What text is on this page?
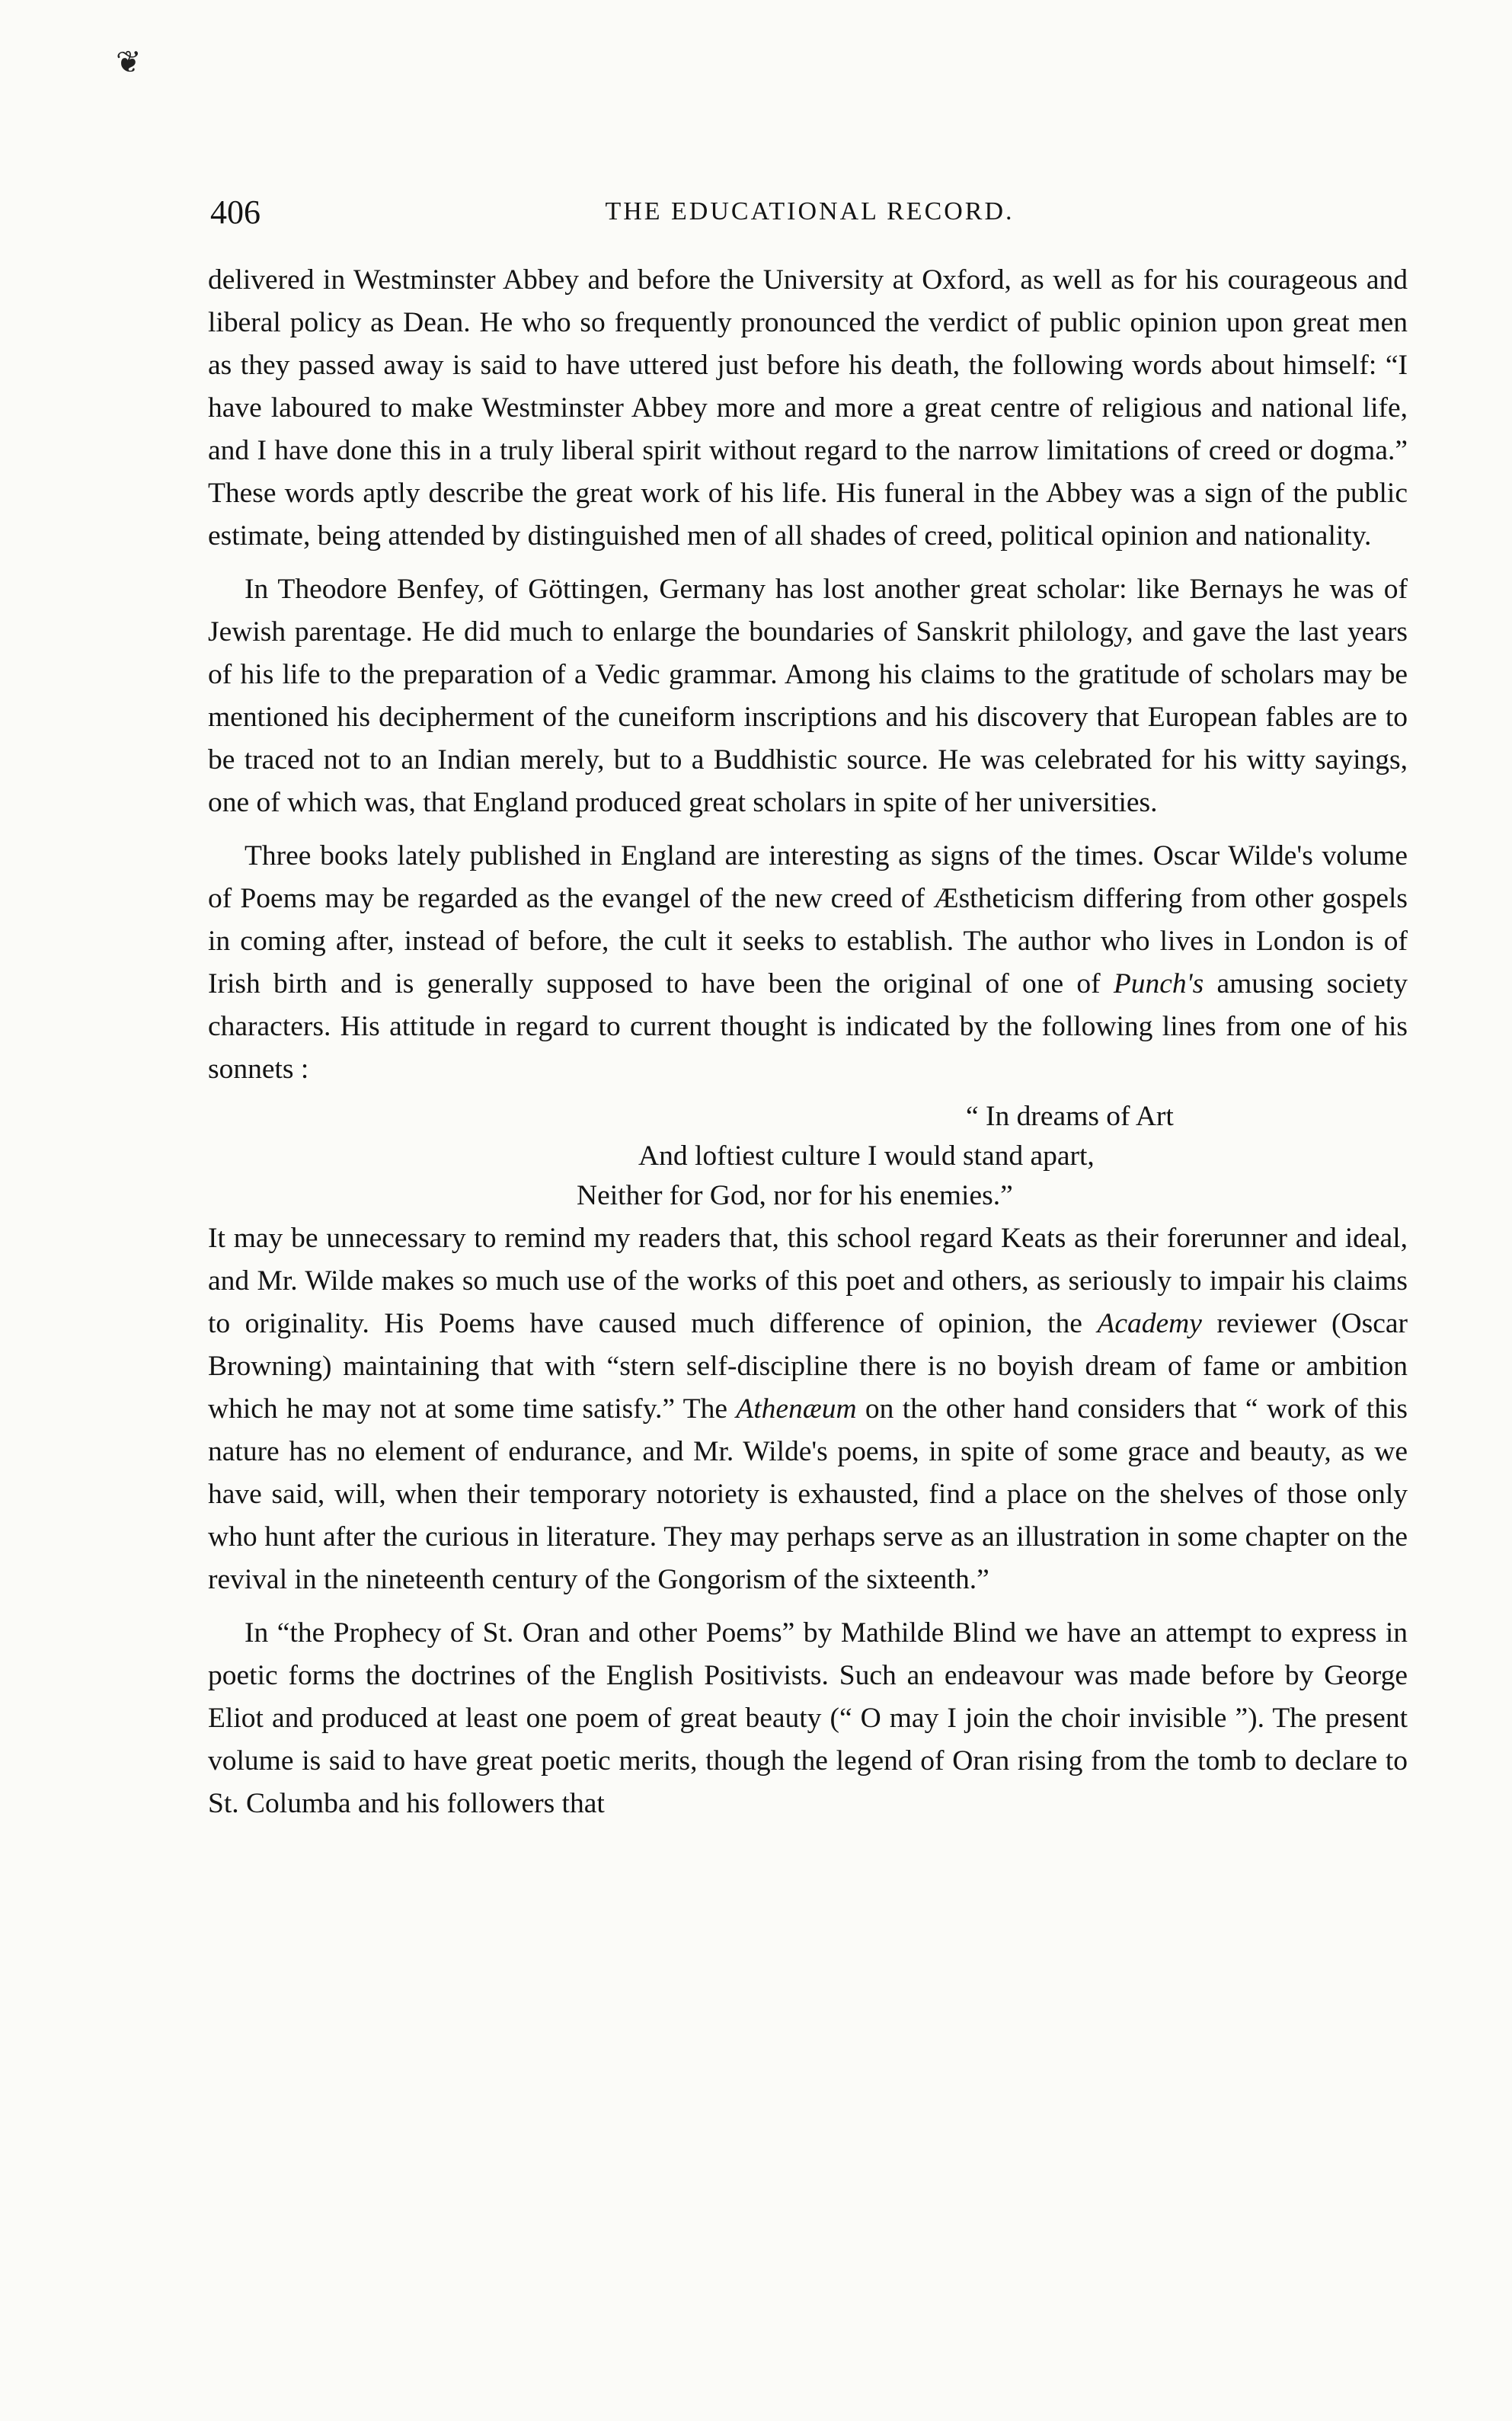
❦
406	THE EDUCATIONAL RECORD.

delivered in Westminster Abbey and before the University at Oxford, as well as for his courageous and liberal policy as Dean. He who so frequently pronounced the verdict of public opinion upon great men as they passed away is said to have uttered just before his death, the following words about himself: “I have laboured to make Westminster Abbey more and more a great centre of religious and national life, and I have done this in a truly liberal spirit without regard to the narrow limitations of creed or dogma.” These words aptly describe the great work of his life. His funeral in the Abbey was a sign of the public estimate, being attended by distinguished men of all shades of creed, political opinion and nationality.

In Theodore Benfey, of Göttingen, Germany has lost another great scholar: like Bernays he was of Jewish parentage. He did much to enlarge the boundaries of Sanskrit philology, and gave the last years of his life to the preparation of a Vedic grammar. Among his claims to the gratitude of scholars may be mentioned his decipherment of the cuneiform inscriptions and his discovery that European fables are to be traced not to an Indian merely, but to a Buddhistic source. He was celebrated for his witty sayings, one of which was, that England produced great scholars in spite of her universities.

Three books lately published in England are interesting as signs of the times. Oscar Wilde's volume of Poems may be regarded as the evangel of the new creed of Æstheticism differing from other gospels in coming after, instead of before, the cult it seeks to establish. The author who lives in London is of Irish birth and is generally supposed to have been the original of one of Punch's amusing society characters. His attitude in regard to current thought is indicated by the following lines from one of his sonnets :

“ In dreams of Art
And loftiest culture I would stand apart,
Neither for God, nor for his enemies.”

It may be unnecessary to remind my readers that, this school regard Keats as their forerunner and ideal, and Mr. Wilde makes so much use of the works of this poet and others, as seriously to impair his claims to originality. His Poems have caused much difference of opinion, the Academy reviewer (Oscar Browning) maintaining that with “stern self-discipline there is no boyish dream of fame or ambition which he may not at some time satisfy.” The Athenæum on the other hand considers that “ work of this nature has no element of endurance, and Mr. Wilde's poems, in spite of some grace and beauty, as we have said, will, when their temporary notoriety is exhausted, find a place on the shelves of those only who hunt after the curious in literature. They may perhaps serve as an illustration in some chapter on the revival in the nineteenth century of the Gongorism of the sixteenth.”

In “the Prophecy of St. Oran and other Poems” by Mathilde Blind we have an attempt to express in poetic forms the doctrines of the English Positivists. Such an endeavour was made before by George Eliot and produced at least one poem of great beauty (“ O may I join the choir invisible ”). The present volume is said to have great poetic merits, though the legend of Oran rising from the tomb to declare to St. Columba and his followers that
